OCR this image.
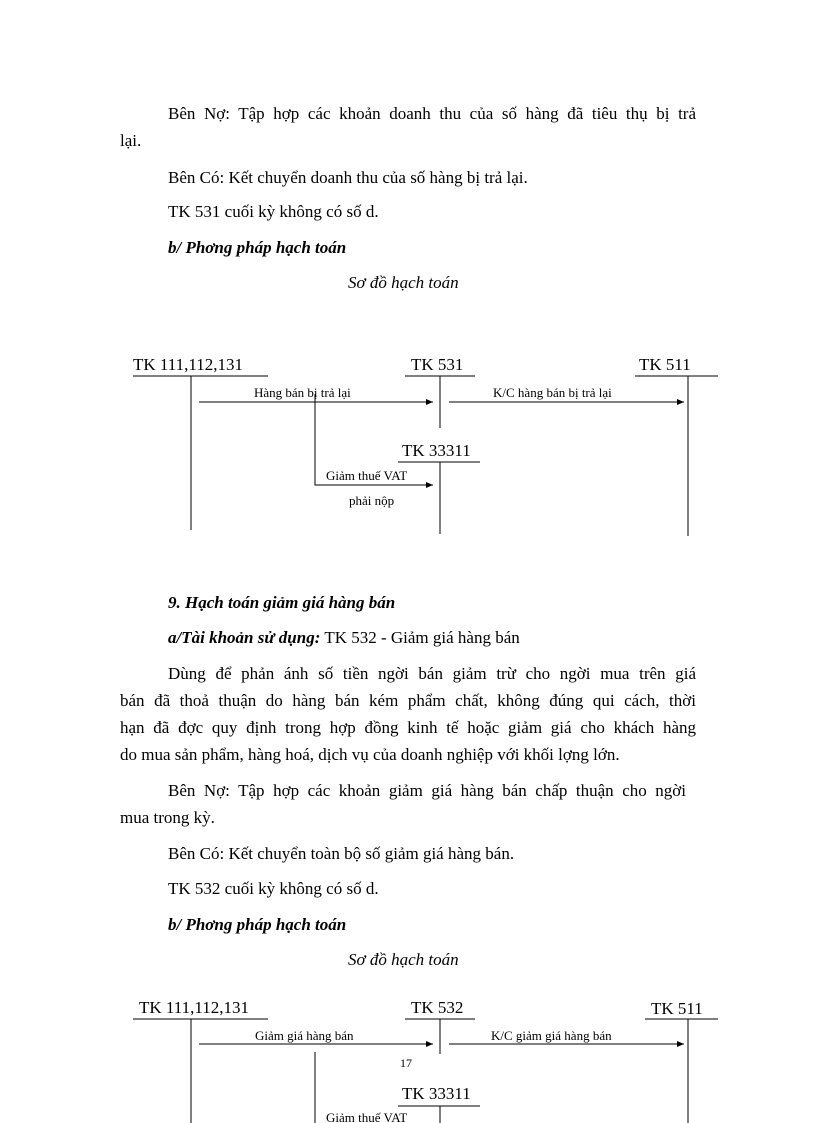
Bên Nợ: Tập hợp các khoản doanh thu của số hàng đã tiêu thụ bị trả

lại.

Bên Có: Kết chuyển doanh thu của số hàng bị trả lại.

TK 531 cuối kỳ không có số d.

b/ Phơng pháp hạch toán

Sơ đồ hạch toán

TK 111,112,131	TK 531	TK 511
TK 33311
Hàng bán bị trả lại	K/C hàng bán bị trả lại
Giảm thuế VAT
phải nộp

9. Hạch toán giảm giá hàng bán

a/Tài khoản sử dụng: TK 532 - Giảm giá hàng bán

Dùng để phản ánh số tiền ngời bán giảm trừ cho ngời mua trên giá

bán đã thoả thuận do hàng bán kém phẩm chất, không đúng qui cách, thời

hạn đã đợc quy định trong hợp đồng kinh tế hoặc giảm giá cho khách hàng

do mua sản phẩm, hàng hoá, dịch vụ của doanh nghiệp với khối lợng lớn.

Bên Nợ: Tập hợp các khoản giảm giá hàng bán chấp thuận cho ngời

mua trong kỳ.

Bên Có: Kết chuyển toàn bộ số giảm giá hàng bán.

TK 532 cuối kỳ không có số d.

b/ Phơng pháp hạch toán

Sơ đồ hạch toán

TK 111,112,131	TK 532	TK 511
TK 33311
Giảm giá hàng bán	K/C giảm giá hàng bán
Giảm thuế VAT
17
